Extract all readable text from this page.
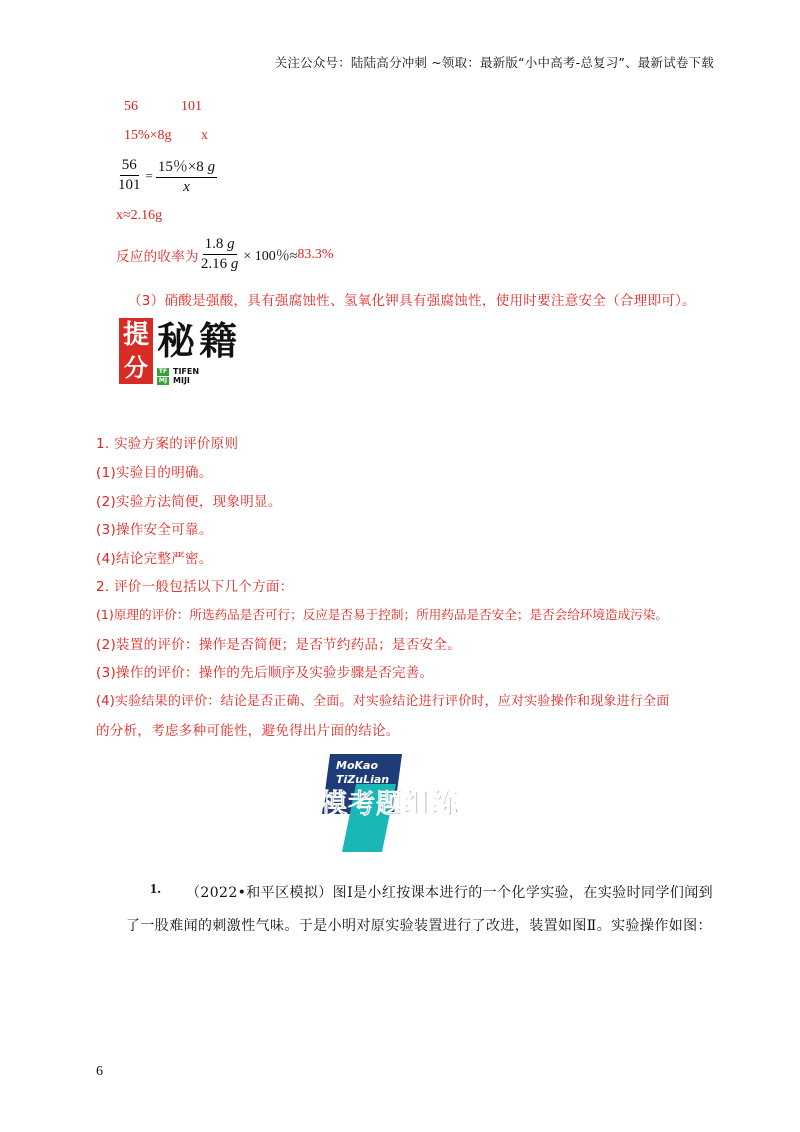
关注公众号：陆陆高分冲刺 ~领取：最新版“小中高考-总复习”、最新试卷下载
56	101
15%×8g x
$\frac{56}{101} = \frac{15\%\times 8 g}{x}$
x≈2.16g
反应的收率为 $\frac{1.8 g}{2.16 g} \times 100$％≈ 83.3%
（3）硝酸是强酸，具有强腐蚀性、氢氧化钾具有强腐蚀性，使用时要注意安全（合理即可）。
提
分
秘 籍
TF
MJ
TIFEN
MIJI
1. 实验方案的评价原则
(1)实验目的明确。
(2)实验方法简便，现象明显。
(3)操作安全可靠。
(4)结论完整严密。
2. 评价一般包括以下几个方面：
(1)原理的评价：所选药品是否可行；反应是否易于控制；所用药品是否安全；是否会给环境造成污染。
(2)装置的评价：操作是否简便；是否节约药品；是否安全。
(3)操作的评价：操作的先后顺序及实验步骤是否完善。
(4)实验结果的评价：结论是否正确、全面。对实验结论进行评价时，应对实验操作和现象进行全面
的分析，考虑多种可能性，避免得出片面的结论。
MoKao
TiZuLian
模考题组练
1. （2022•和平区模拟）图Ⅰ是小红按课本进行的一个化学实验，在实验时同学们闻到
了一股难闻的刺激性气味。于是小明对原实验装置进行了改进，装置如图Ⅱ。实验操作如图：
6
